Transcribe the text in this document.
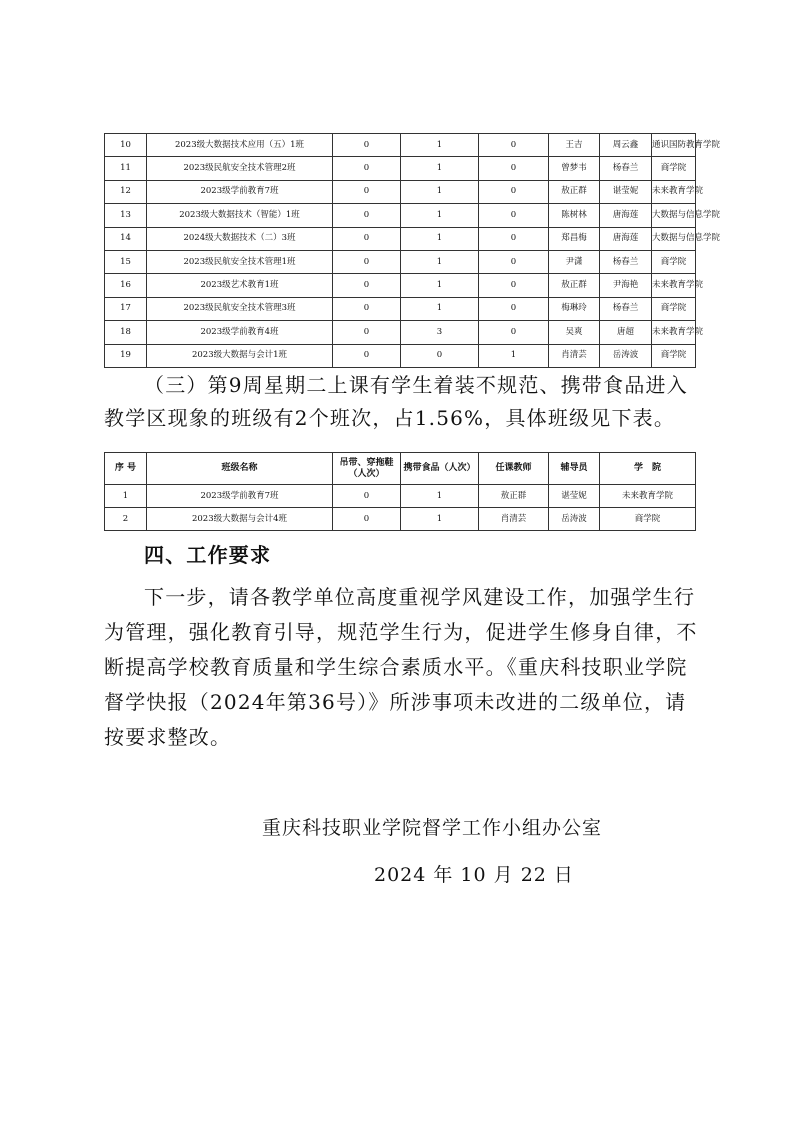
10	2023级大数据技术应用（五）1班	0	1	0	王吉	周云鑫	通识国防教育学院
11	2023级民航安全技术管理2班	0	1	0	曾梦韦	杨春兰	商学院
12	2023级学前教育7班	0	1	0	敖正群	谌莹妮	未来教育学院
13	2023级大数据技术（智能）1班	0	1	0	陈树林	唐海莲	大数据与信息学院
14	2024级大数据技术（二）3班	0	1	0	郑昌梅	唐海莲	大数据与信息学院
15	2023级民航安全技术管理1班	0	1	0	尹潇	杨春兰	商学院
16	2023级艺术教育1班	0	1	0	敖正群	尹海艳	未来教育学院
17	2023级民航安全技术管理3班	0	1	0	梅琳玲	杨春兰	商学院
18	2023级学前教育4班	0	3	0	吴爽	唐超	未来教育学院
19	2023级大数据与会计1班	0	0	1	肖清芸	岳涛波	商学院

（三）第9周星期二上课有学生着装不规范、携带食品进入教学区现象的班级有2个班次，占1.56%，具体班级见下表。

序 号	班级名称	吊带、穿拖鞋（人次）	携带食品（人次）	任课教师	辅导员	学　院
1	2023级学前教育7班	0	1	敖正群	谌莹妮	未来教育学院
2	2023级大数据与会计4班	0	1	肖清芸	岳涛波	商学院
四、工作要求

下一步，请各教学单位高度重视学风建设工作，加强学生行为管理，强化教育引导，规范学生行为，促进学生修身自律，不断提高学校教育质量和学生综合素质水平。《重庆科技职业学院督学快报（2024年第36号）》所涉事项未改进的二级单位，请按要求整改。

重庆科技职业学院督学工作小组办公室

2024 年 10 月 22 日
